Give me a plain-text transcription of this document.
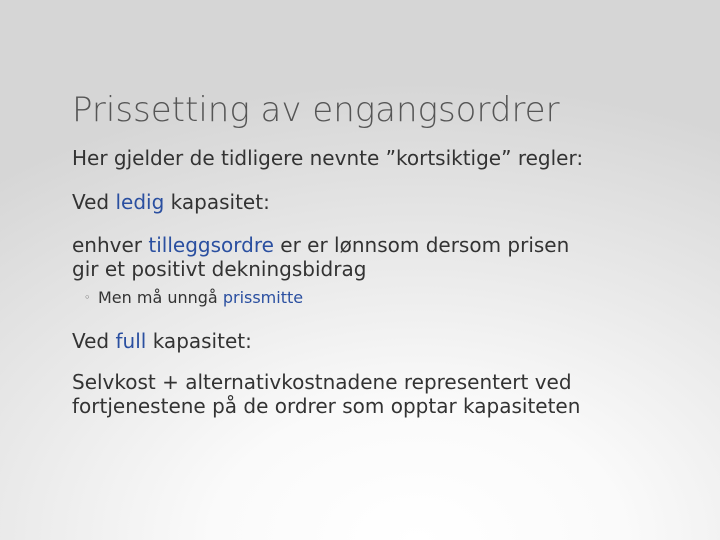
Prissetting av engangsordrer

Her gjelder de tidligere nevnte ”kortsiktige” regler:

Ved ledig kapasitet:

enhver tilleggsordre er er lønnsom dersom prisen
gir et positivt dekningsbidrag

◦ Men må unngå prissmitte

Ved full kapasitet:

Selvkost + alternativkostnadene representert ved
fortjenestene på de ordrer som opptar kapasiteten
